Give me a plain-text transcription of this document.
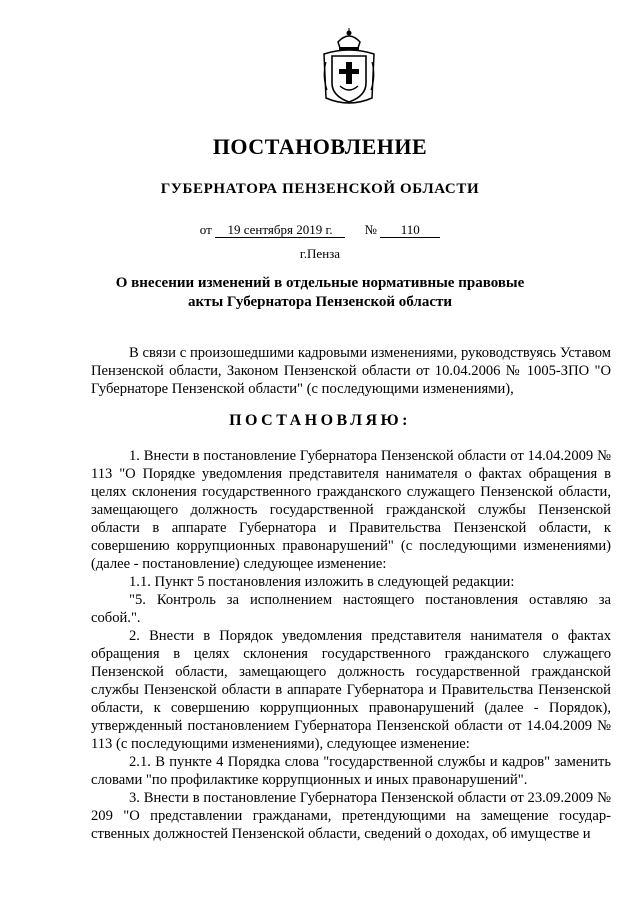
ПОСТАНОВЛЕНИЕ
ГУБЕРНАТОРА ПЕНЗЕНСКОЙ ОБЛАСТИ
от 19 сентября 2019 г. № 110
г.Пенза
О внесении изменений в отдельные нормативные правовые
акты Губернатора Пензенской области

В связи с произошедшими кадровыми изменениями, руководствуясь Уставом Пензенской области, Законом Пензенской области от 10.04.2006 № 1005-ЗПО "О Губернаторе Пензенской области" (с последующими изменениями),

ПОСТАНОВЛЯЮ:

1. Внести в постановление Губернатора Пензенской области от 14.04.2009 № 113 "О Порядке уведомления представителя нанимателя о фактах обращения в целях склонения государственного гражданского служащего Пензенской области, замещающего должность государственной гражданской службы Пензенской области в аппарате Губернатора и Правительства Пензенской области, к совершению коррупционных правонарушений" (с последующими изменениями) (далее - постановление) следующее изменение:

1.1. Пункт 5 постановления изложить в следующей редакции:

"5. Контроль за исполнением настоящего постановления оставляю за собой.".

2. Внести в Порядок уведомления представителя нанимателя о фактах обращения в целях склонения государственного гражданского служащего Пензенской области, замещающего должность государственной гражданской службы Пензенской области в аппарате Губернатора и Правительства Пензенской области, к совершению коррупционных правонарушений (далее - Порядок), утвержденный постановлением Губернатора Пензенской области от 14.04.2009 № 113 (с последующими изменениями), следующее изменение:

2.1. В пункте 4 Порядка слова "государственной службы и кадров" заменить словами "по профилактике коррупционных и иных правонарушений".

3. Внести в постановление Губернатора Пензенской области от 23.09.2009 № 209 "О представлении гражданами, претендующими на замещение государ-ственных должностей Пензенской области, сведений о доходах, об имуществе и
